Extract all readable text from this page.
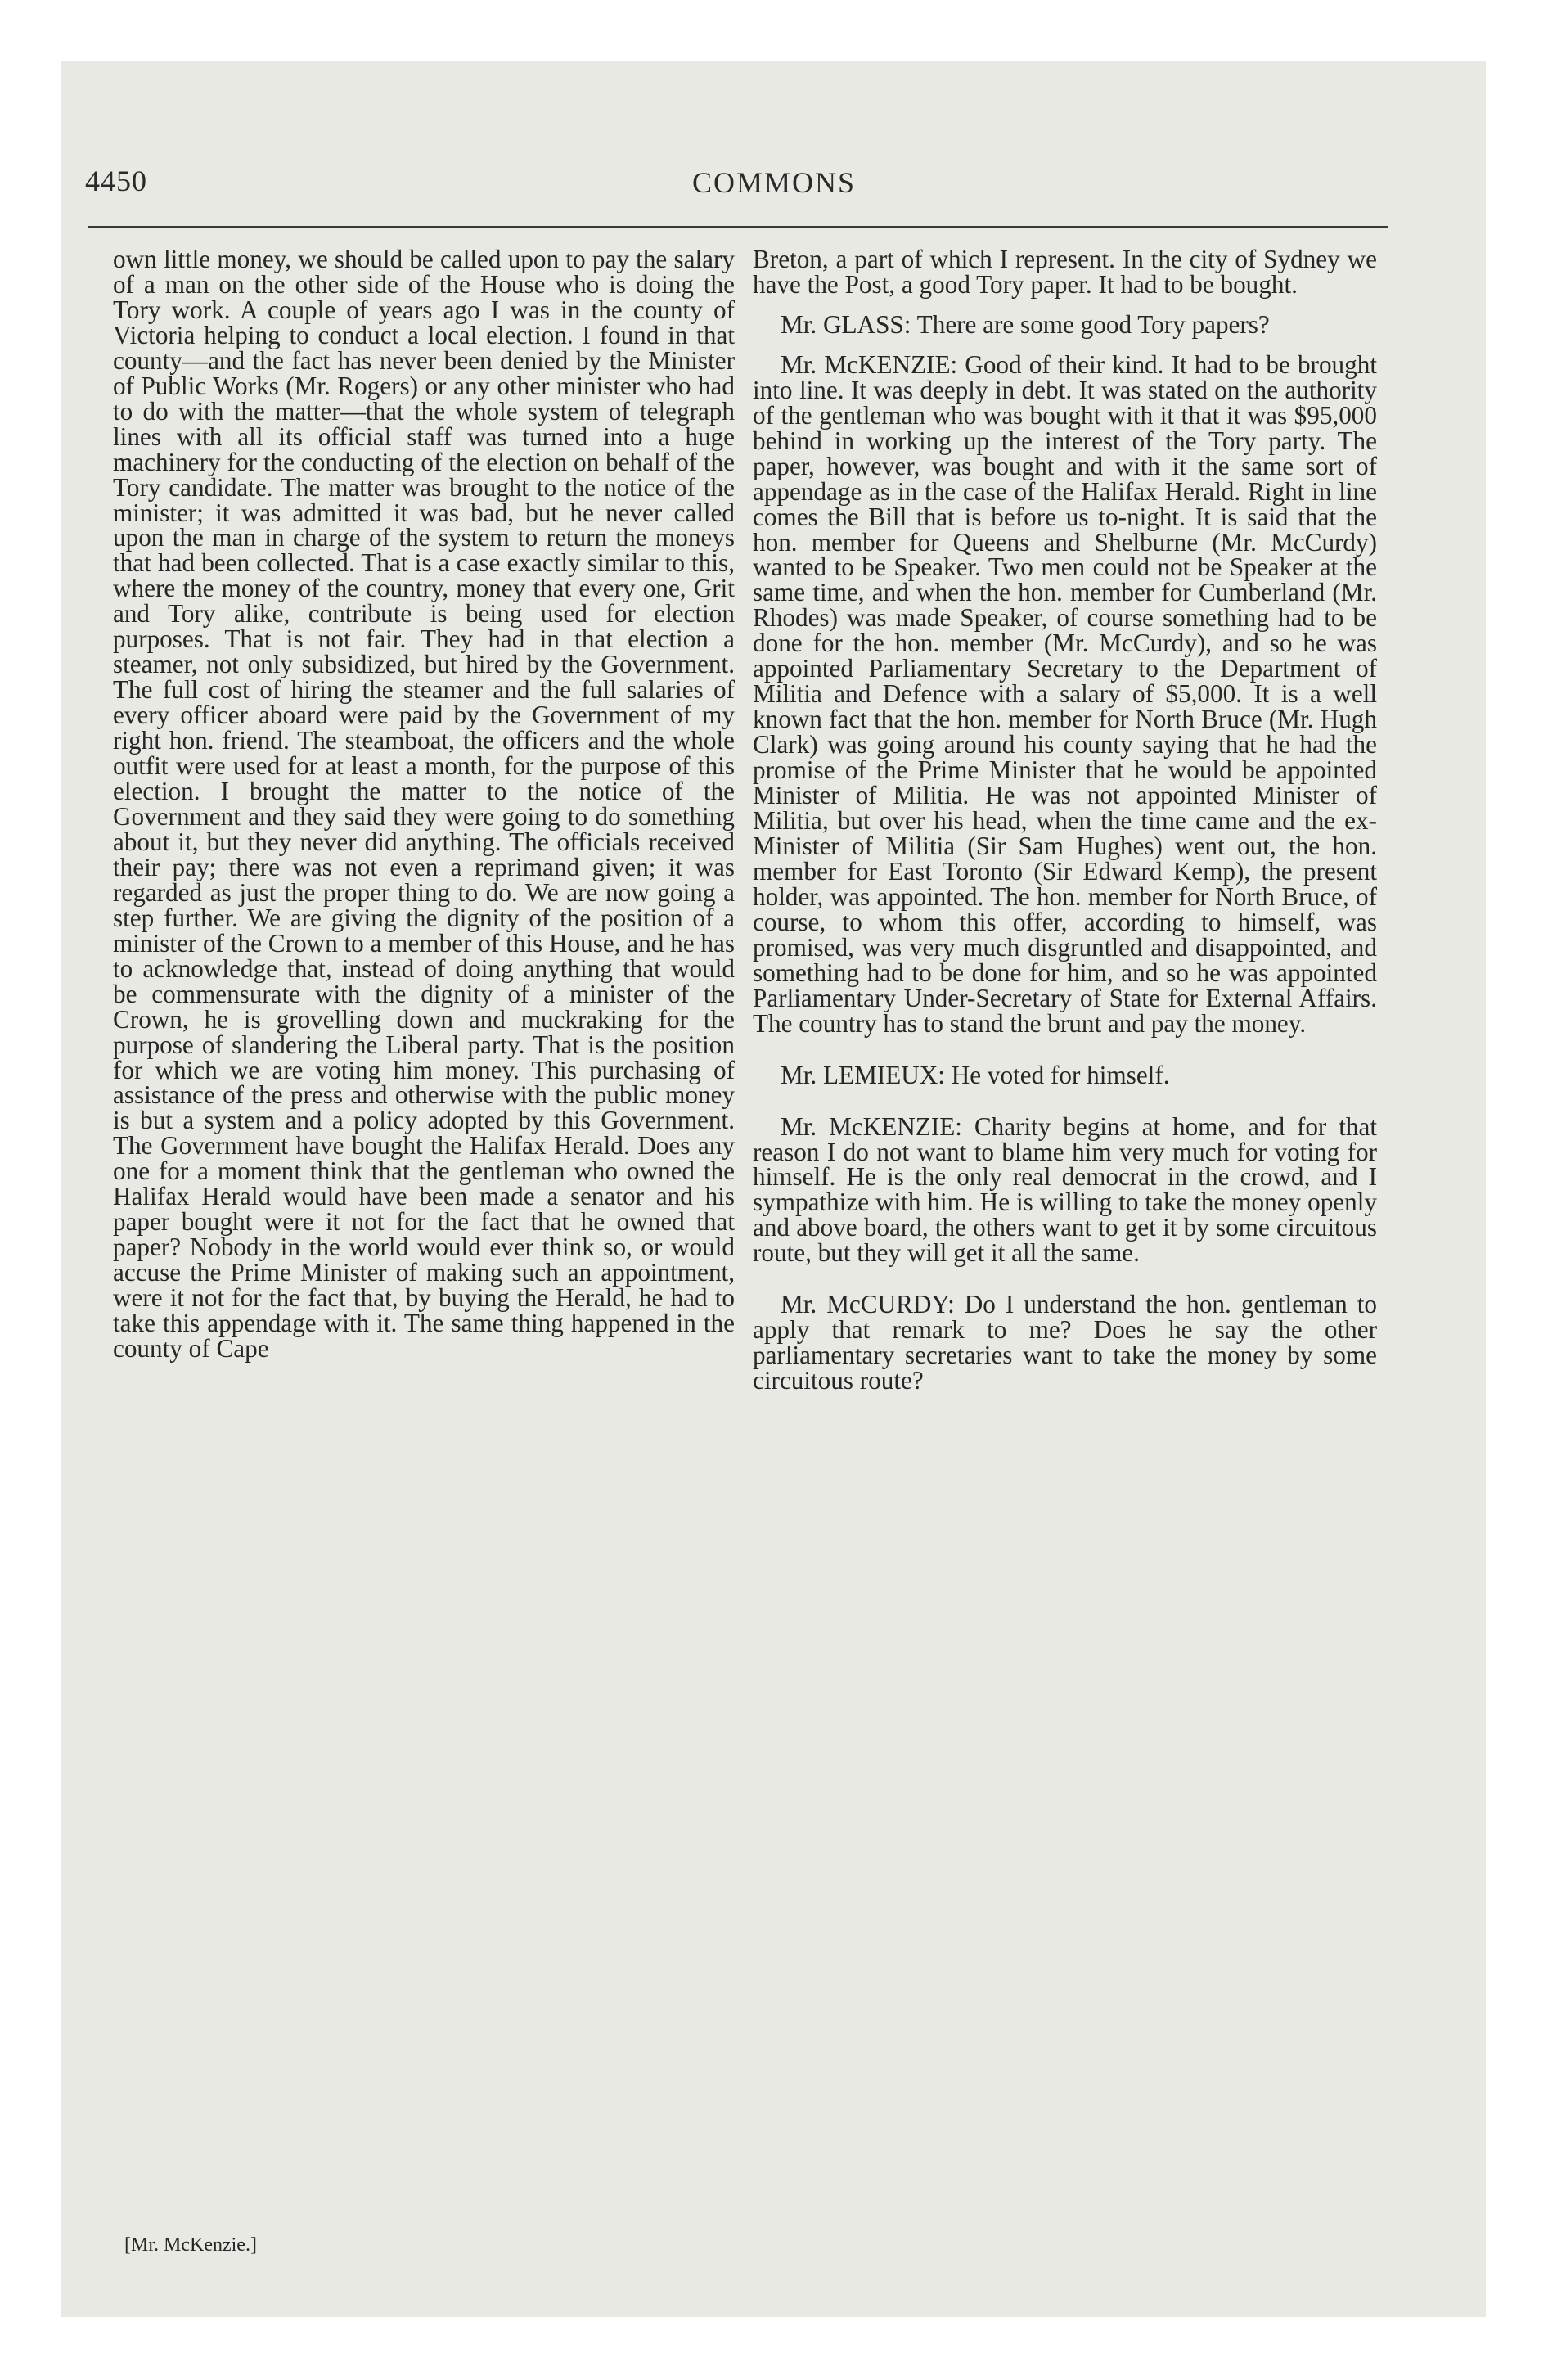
4450	COMMONS

own little money, we should be called upon to pay the salary of a man on the other side of the House who is doing the Tory work. A couple of years ago I was in the county of Victoria helping to conduct a local election. I found in that county—and the fact has never been denied by the Minister of Public Works (Mr. Rogers) or any other minister who had to do with the matter—that the whole system of telegraph lines with all its official staff was turned into a huge machinery for the conducting of the election on behalf of the Tory candidate. The matter was brought to the notice of the minister; it was admitted it was bad, but he never called upon the man in charge of the system to return the moneys that had been collected. That is a case exactly similar to this, where the money of the country, money that every one, Grit and Tory alike, contribute is being used for election purposes. That is not fair. They had in that election a steamer, not only subsidized, but hired by the Government. The full cost of hiring the steamer and the full salaries of every officer aboard were paid by the Government of my right hon. friend. The steamboat, the officers and the whole outfit were used for at least a month, for the purpose of this election. I brought the matter to the notice of the Government and they said they were going to do something about it, but they never did anything. The officials received their pay; there was not even a reprimand given; it was regarded as just the proper thing to do. We are now going a step further. We are giving the dignity of the position of a minister of the Crown to a member of this House, and he has to acknowledge that, instead of doing anything that would be commensurate with the dignity of a minister of the Crown, he is grovelling down and muckraking for the purpose of slandering the Liberal party. That is the position for which we are voting him money. This purchasing of assistance of the press and otherwise with the public money is but a system and a policy adopted by this Government. The Government have bought the Halifax Herald. Does any one for a moment think that the gentleman who owned the Halifax Herald would have been made a senator and his paper bought were it not for the fact that he owned that paper? Nobody in the world would ever think so, or would accuse the Prime Minister of making such an appointment, were it not for the fact that, by buying the Herald, he had to take this appendage with it. The same thing happened in the county of Cape

Breton, a part of which I represent. In the city of Sydney we have the Post, a good Tory paper. It had to be bought.

Mr. GLASS: There are some good Tory papers?

Mr. McKENZIE: Good of their kind. It had to be brought into line. It was deeply in debt. It was stated on the authority of the gentleman who was bought with it that it was $95,000 behind in working up the interest of the Tory party. The paper, however, was bought and with it the same sort of appendage as in the case of the Halifax Herald. Right in line comes the Bill that is before us to-night. It is said that the hon. member for Queens and Shelburne (Mr. McCurdy) wanted to be Speaker. Two men could not be Speaker at the same time, and when the hon. member for Cumberland (Mr. Rhodes) was made Speaker, of course something had to be done for the hon. member (Mr. McCurdy), and so he was appointed Parliamentary Secretary to the Department of Militia and Defence with a salary of $5,000. It is a well known fact that the hon. member for North Bruce (Mr. Hugh Clark) was going around his county saying that he had the promise of the Prime Minister that he would be appointed Minister of Militia. He was not appointed Minister of Militia, but over his head, when the time came and the ex-Minister of Militia (Sir Sam Hughes) went out, the hon. member for East Toronto (Sir Edward Kemp), the present holder, was appointed. The hon. member for North Bruce, of course, to whom this offer, according to himself, was promised, was very much disgruntled and disappointed, and something had to be done for him, and so he was appointed Parliamentary Under-Secretary of State for External Affairs. The country has to stand the brunt and pay the money.

Mr. LEMIEUX: He voted for himself.

Mr. McKENZIE: Charity begins at home, and for that reason I do not want to blame him very much for voting for himself. He is the only real democrat in the crowd, and I sympathize with him. He is willing to take the money openly and above board, the others want to get it by some circuitous route, but they will get it all the same.

Mr. McCURDY: Do I understand the hon. gentleman to apply that remark to me? Does he say the other parliamentary secretaries want to take the money by some circuitous route?

[Mr. McKenzie.]
